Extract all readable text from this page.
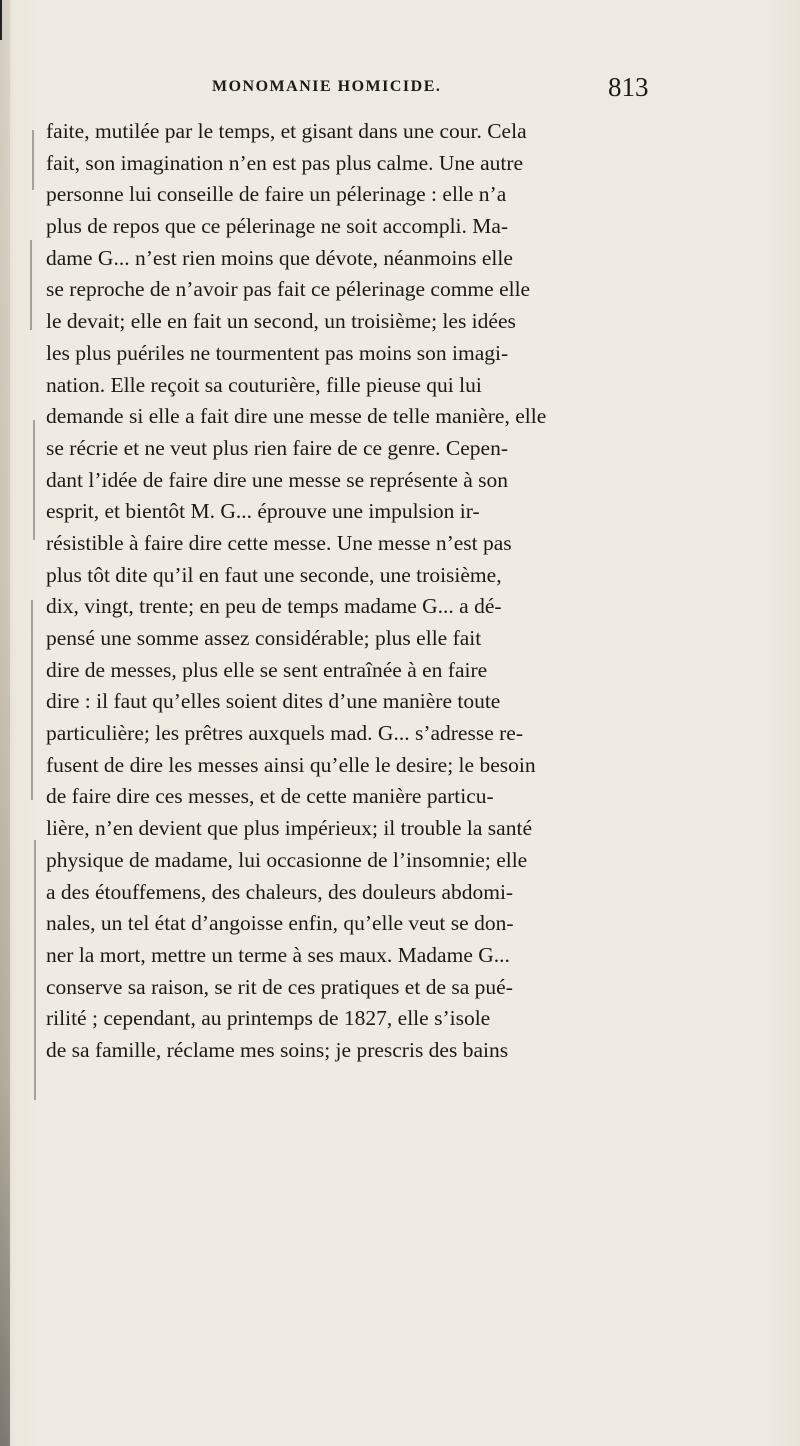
MONOMANIE HOMICIDE.	813
faite, mutilée par le temps, et gisant dans une cour. Cela
fait, son imagination n’en est pas plus calme. Une autre
personne lui conseille de faire un pélerinage : elle n’a
plus de repos que ce pélerinage ne soit accompli. Ma-
dame G... n’est rien moins que dévote, néanmoins elle
se reproche de n’avoir pas fait ce pélerinage comme elle
le devait; elle en fait un second, un troisième; les idées
les plus puériles ne tourmentent pas moins son imagi-
nation. Elle reçoit sa couturière, fille pieuse qui lui
demande si elle a fait dire une messe de telle manière, elle
se récrie et ne veut plus rien faire de ce genre. Cepen-
dant l’idée de faire dire une messe se représente à son
esprit, et bientôt M. G... éprouve une impulsion ir-
résistible à faire dire cette messe. Une messe n’est pas
plus tôt dite qu’il en faut une seconde, une troisième,
dix, vingt, trente; en peu de temps madame G... a dé-
pensé une somme assez considérable; plus elle fait
dire de messes, plus elle se sent entraînée à en faire
dire : il faut qu’elles soient dites d’une manière toute
particulière; les prêtres auxquels mad. G... s’adresse re-
fusent de dire les messes ainsi qu’elle le desire; le besoin
de faire dire ces messes, et de cette manière particu-
lière, n’en devient que plus impérieux; il trouble la santé
physique de madame, lui occasionne de l’insomnie; elle
a des étouffemens, des chaleurs, des douleurs abdomi-
nales, un tel état d’angoisse enfin, qu’elle veut se don-
ner la mort, mettre un terme à ses maux. Madame G...
conserve sa raison, se rit de ces pratiques et de sa pué-
rilité ; cependant, au printemps de 1827, elle s’isole
de sa famille, réclame mes soins; je prescris des bains
